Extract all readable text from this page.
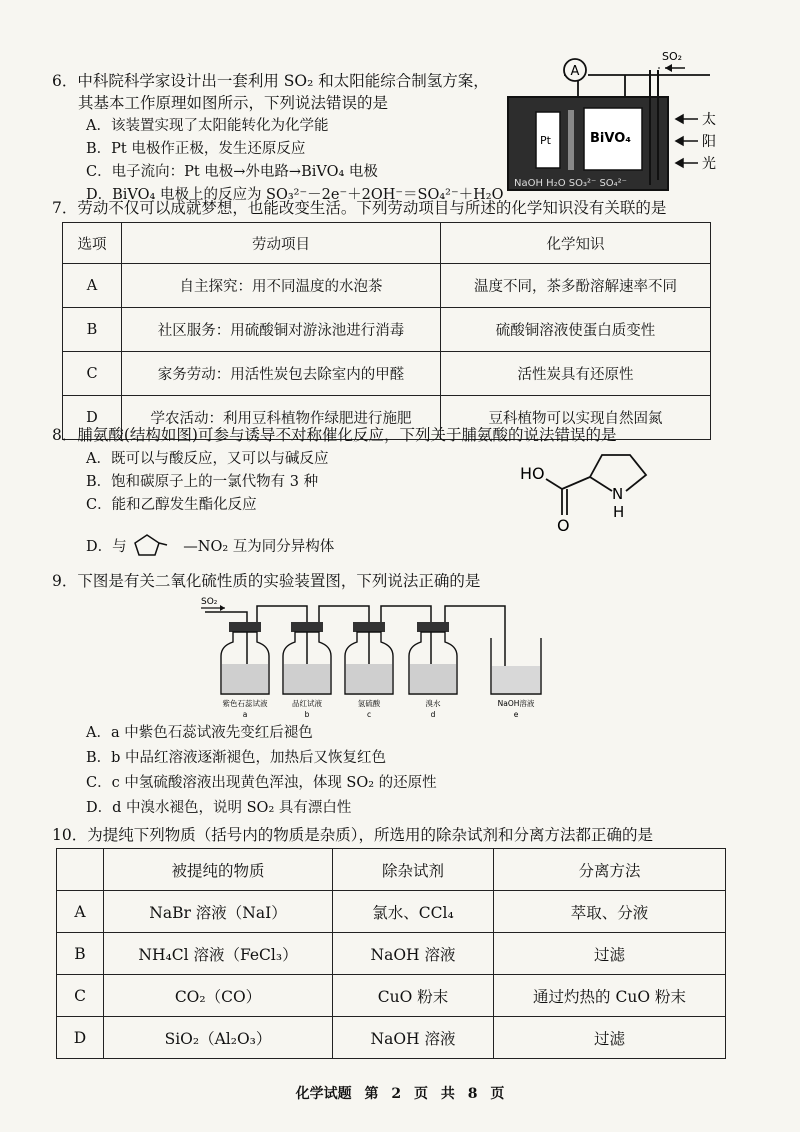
6．中科院科学家设计出一套利用 SO₂ 和太阳能综合制氢方案，
其基本工作原理如图所示，下列说法错误的是
A．该装置实现了太阳能转化为化学能
B．Pt 电极作正极，发生还原反应
C．电子流向：Pt 电极→外电路→BiVO₄ 电极
D．BiVO₄ 电极上的反应为 SO₃²⁻－2e⁻＋2OH⁻＝SO₄²⁻＋H₂O
A
SO₂
Pt	BiVO₄
NaOH H₂O SO₃²⁻ SO₄²⁻
太
阳
光
7．劳动不仅可以成就梦想，也能改变生活。下列劳动项目与所述的化学知识没有关联的是
选项	劳动项目	化学知识
A	自主探究：用不同温度的水泡茶	温度不同，茶多酚溶解速率不同
B	社区服务：用硫酸铜对游泳池进行消毒	硫酸铜溶液使蛋白质变性
C	家务劳动：用活性炭包去除室内的甲醛	活性炭具有还原性
D	学农活动：利用豆科植物作绿肥进行施肥	豆科植物可以实现自然固氮
8．脯氨酸(结构如图)可参与诱导不对称催化反应，下列关于脯氨酸的说法错误的是
A．既可以与酸反应，又可以与碱反应
B．饱和碳原子上的一氯代物有 3 种
C．能和乙醇发生酯化反应
D．与	—NO₂ 互为同分异构体
HO
O
N
H
9．下图是有关二氧化硫性质的实验装置图，下列说法正确的是
SO₂
紫色石蕊试液
a
品红试液
b
氢硫酸
c
溴水
d
NaOH溶液
e
A．a 中紫色石蕊试液先变红后褪色
B．b 中品红溶液逐渐褪色，加热后又恢复红色
C．c 中氢硫酸溶液出现黄色浑浊，体现 SO₂ 的还原性
D．d 中溴水褪色，说明 SO₂ 具有漂白性
10．为提纯下列物质（括号内的物质是杂质），所选用的除杂试剂和分离方法都正确的是
	被提纯的物质	除杂试剂	分离方法
A	NaBr 溶液（NaI）	氯水、CCl₄	萃取、分液
B	NH₄Cl 溶液（FeCl₃）	NaOH 溶液	过滤
C	CO₂（CO）	CuO 粉末	通过灼热的 CuO 粉末
D	SiO₂（Al₂O₃）	NaOH 溶液	过滤
化学试题 第 2 页 共 8 页
